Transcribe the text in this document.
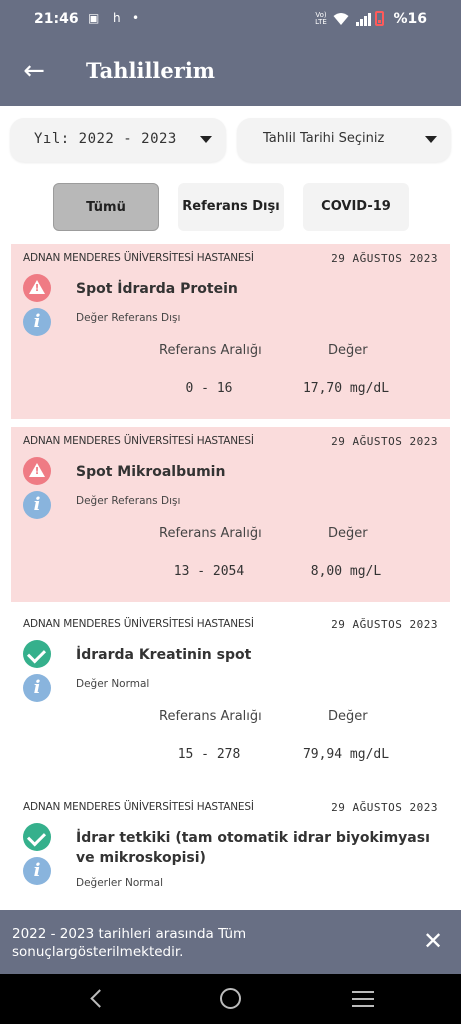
21:46 ▣ h •	Vo) LTE	%16
← Tahlillerim
Yıl: 2022 - 2023	Tahlil Tarihi Seçiniz
Tümü	Referans Dışı	COVID-19
ADNAN MENDERES ÜNİVERSİTESİ HASTANESİ	29 AĞUSTOS 2023
!
i
Spot İdrarda Protein
Değer Referans Dışı
Referans Aralığı	Değer
0 - 16	17,70 mg/dL
ADNAN MENDERES ÜNİVERSİTESİ HASTANESİ	29 AĞUSTOS 2023
!
i
Spot Mikroalbumin
Değer Referans Dışı
Referans Aralığı	Değer
13 - 2054	8,00 mg/L
ADNAN MENDERES ÜNİVERSİTESİ HASTANESİ	29 AĞUSTOS 2023
i
İdrarda Kreatinin spot
Değer Normal
Referans Aralığı	Değer
15 - 278	79,94 mg/dL
ADNAN MENDERES ÜNİVERSİTESİ HASTANESİ	29 AĞUSTOS 2023
i
İdrar tetkiki (tam otomatik idrar biyokimyası ve mikroskopisi)
Değerler Normal
2022 - 2023 tarihleri arasında Tüm sonuçlargösterilmektedir.	✕
